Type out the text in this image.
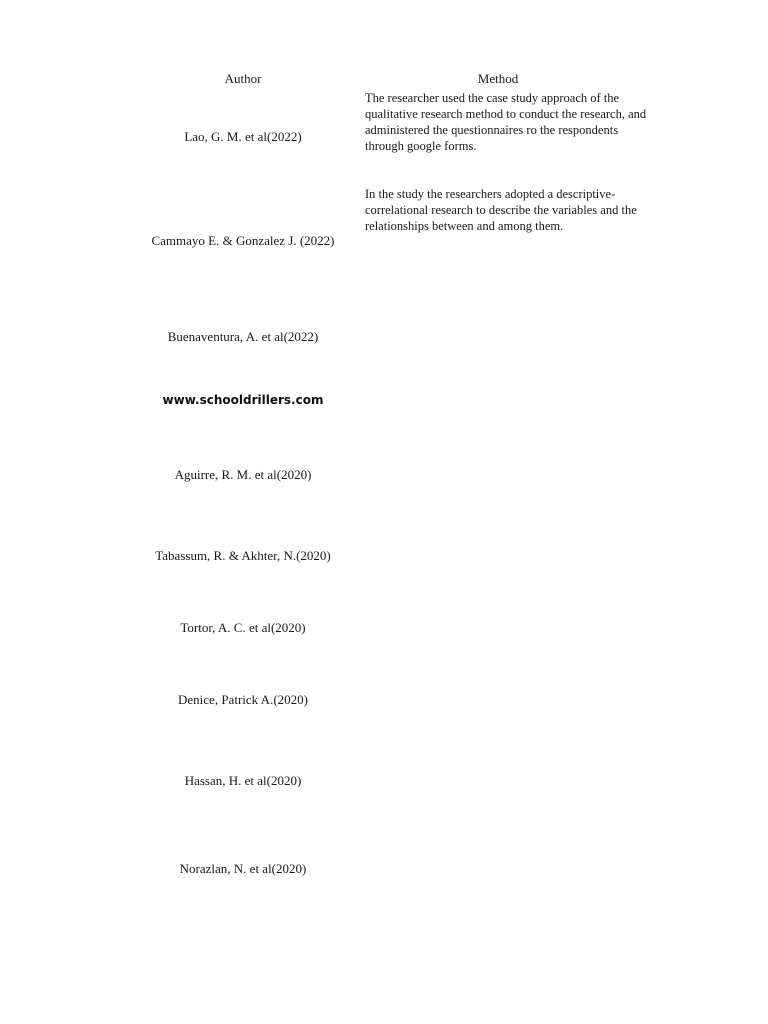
Author	Method
Lao, G. M. et al(2022)
The researcher used the case study approach of the qualitative research method to conduct the research, and administered the questionnaires ro the respondents through google forms.
Cammayo E. & Gonzalez J. (2022)
In the study the researchers adopted a descriptive-correlational research to describe the variables and the relationships between and among them.
Buenaventura, A. et al(2022)
www.schooldrillers.com
Aguirre, R. M. et al(2020)
Tabassum, R. & Akhter, N.(2020)
Tortor, A. C. et al(2020)
Denice, Patrick A.(2020)
Hassan, H. et al(2020)
Norazlan, N. et al(2020)
